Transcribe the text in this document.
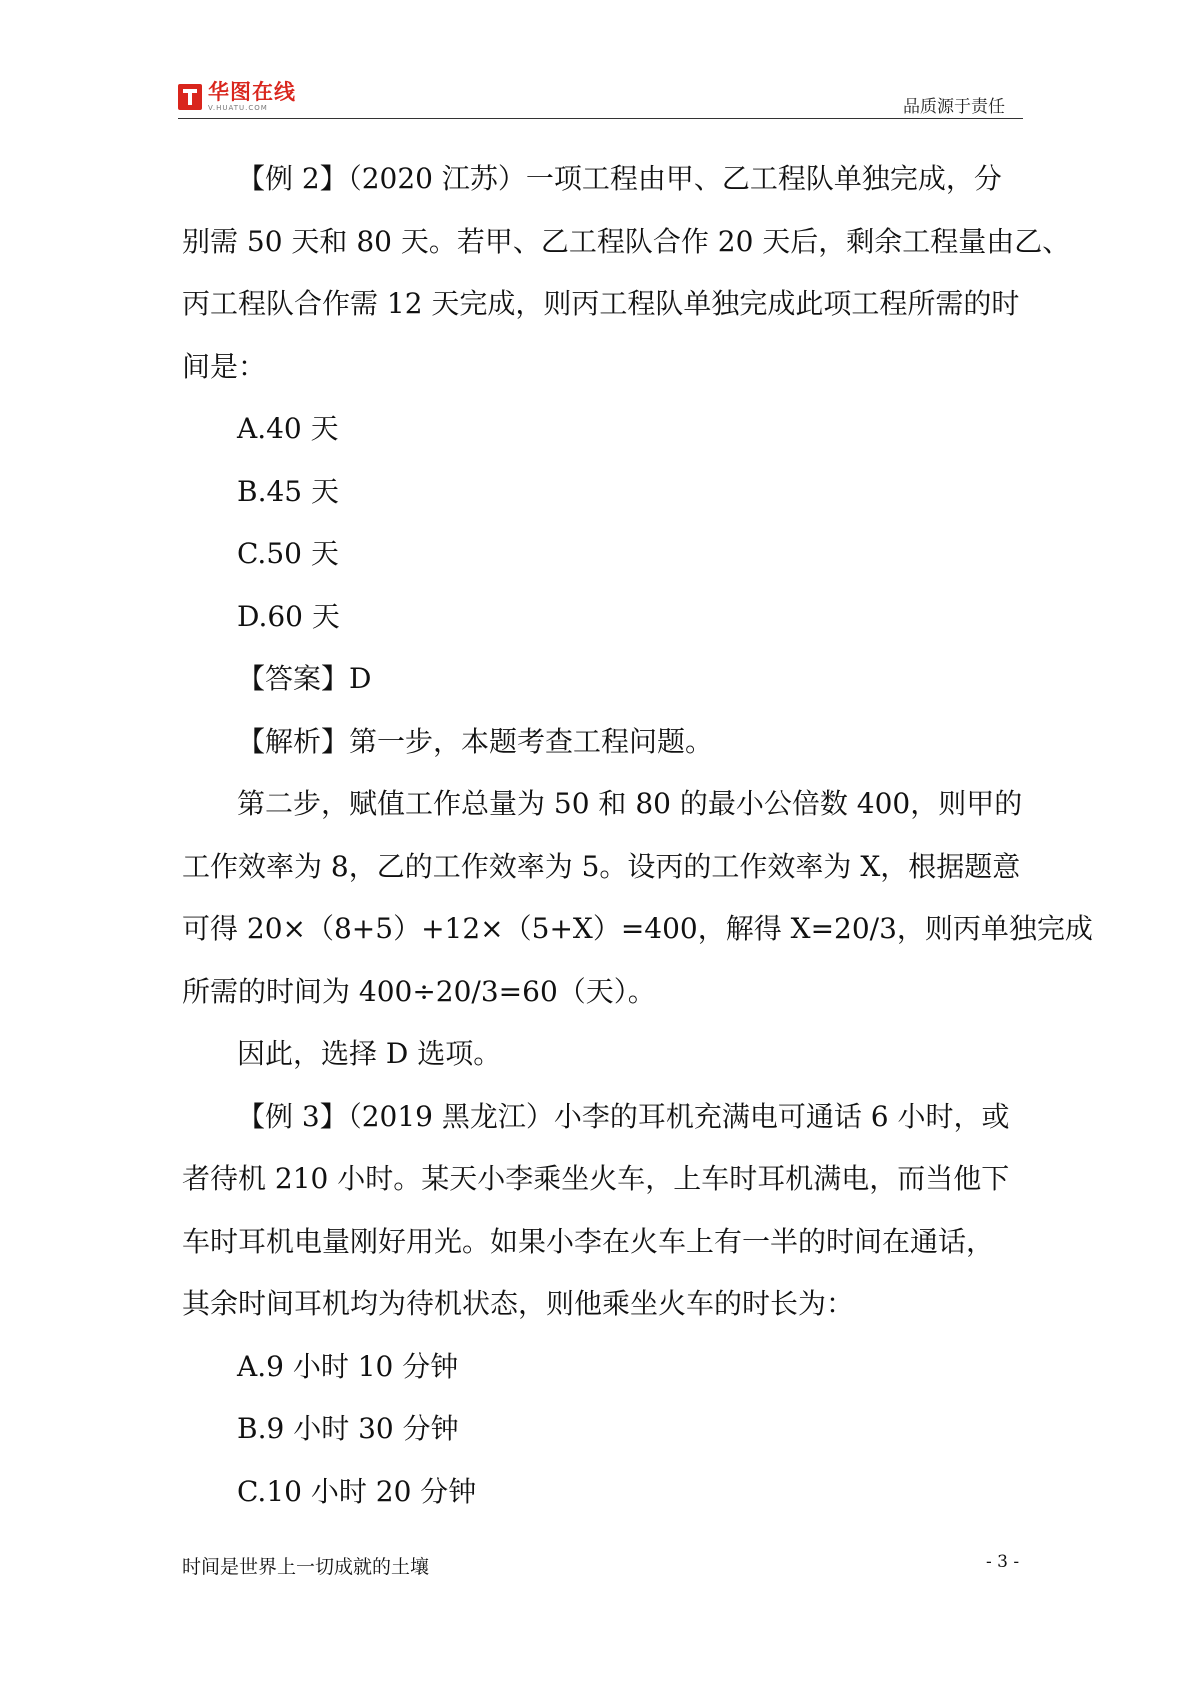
华图在线
V.HUATU.COM	品质源于责任
【例 2】（2020 江苏）一项工程由甲、乙工程队单独完成，分
别需 50 天和 80 天。若甲、乙工程队合作 20 天后，剩余工程量由乙、
丙工程队合作需 12 天完成，则丙工程队单独完成此项工程所需的时
间是：
A.40 天
B.45 天
C.50 天
D.60 天
【答案】D
【解析】第一步，本题考查工程问题。
第二步，赋值工作总量为 50 和 80 的最小公倍数 400，则甲的
工作效率为 8，乙的工作效率为 5。设丙的工作效率为 X，根据题意
可得 20×（8+5）+12×（5+X）=400，解得 X=20/3，则丙单独完成
所需的时间为 400÷20/3=60（天）。
因此，选择 D 选项。
【例 3】（2019 黑龙江）小李的耳机充满电可通话 6 小时，或
者待机 210 小时。某天小李乘坐火车，上车时耳机满电，而当他下
车时耳机电量刚好用光。如果小李在火车上有一半的时间在通话，
其余时间耳机均为待机状态，则他乘坐火车的时长为：
A.9 小时 10 分钟
B.9 小时 30 分钟
C.10 小时 20 分钟
时间是世界上一切成就的土壤	- 3 -
